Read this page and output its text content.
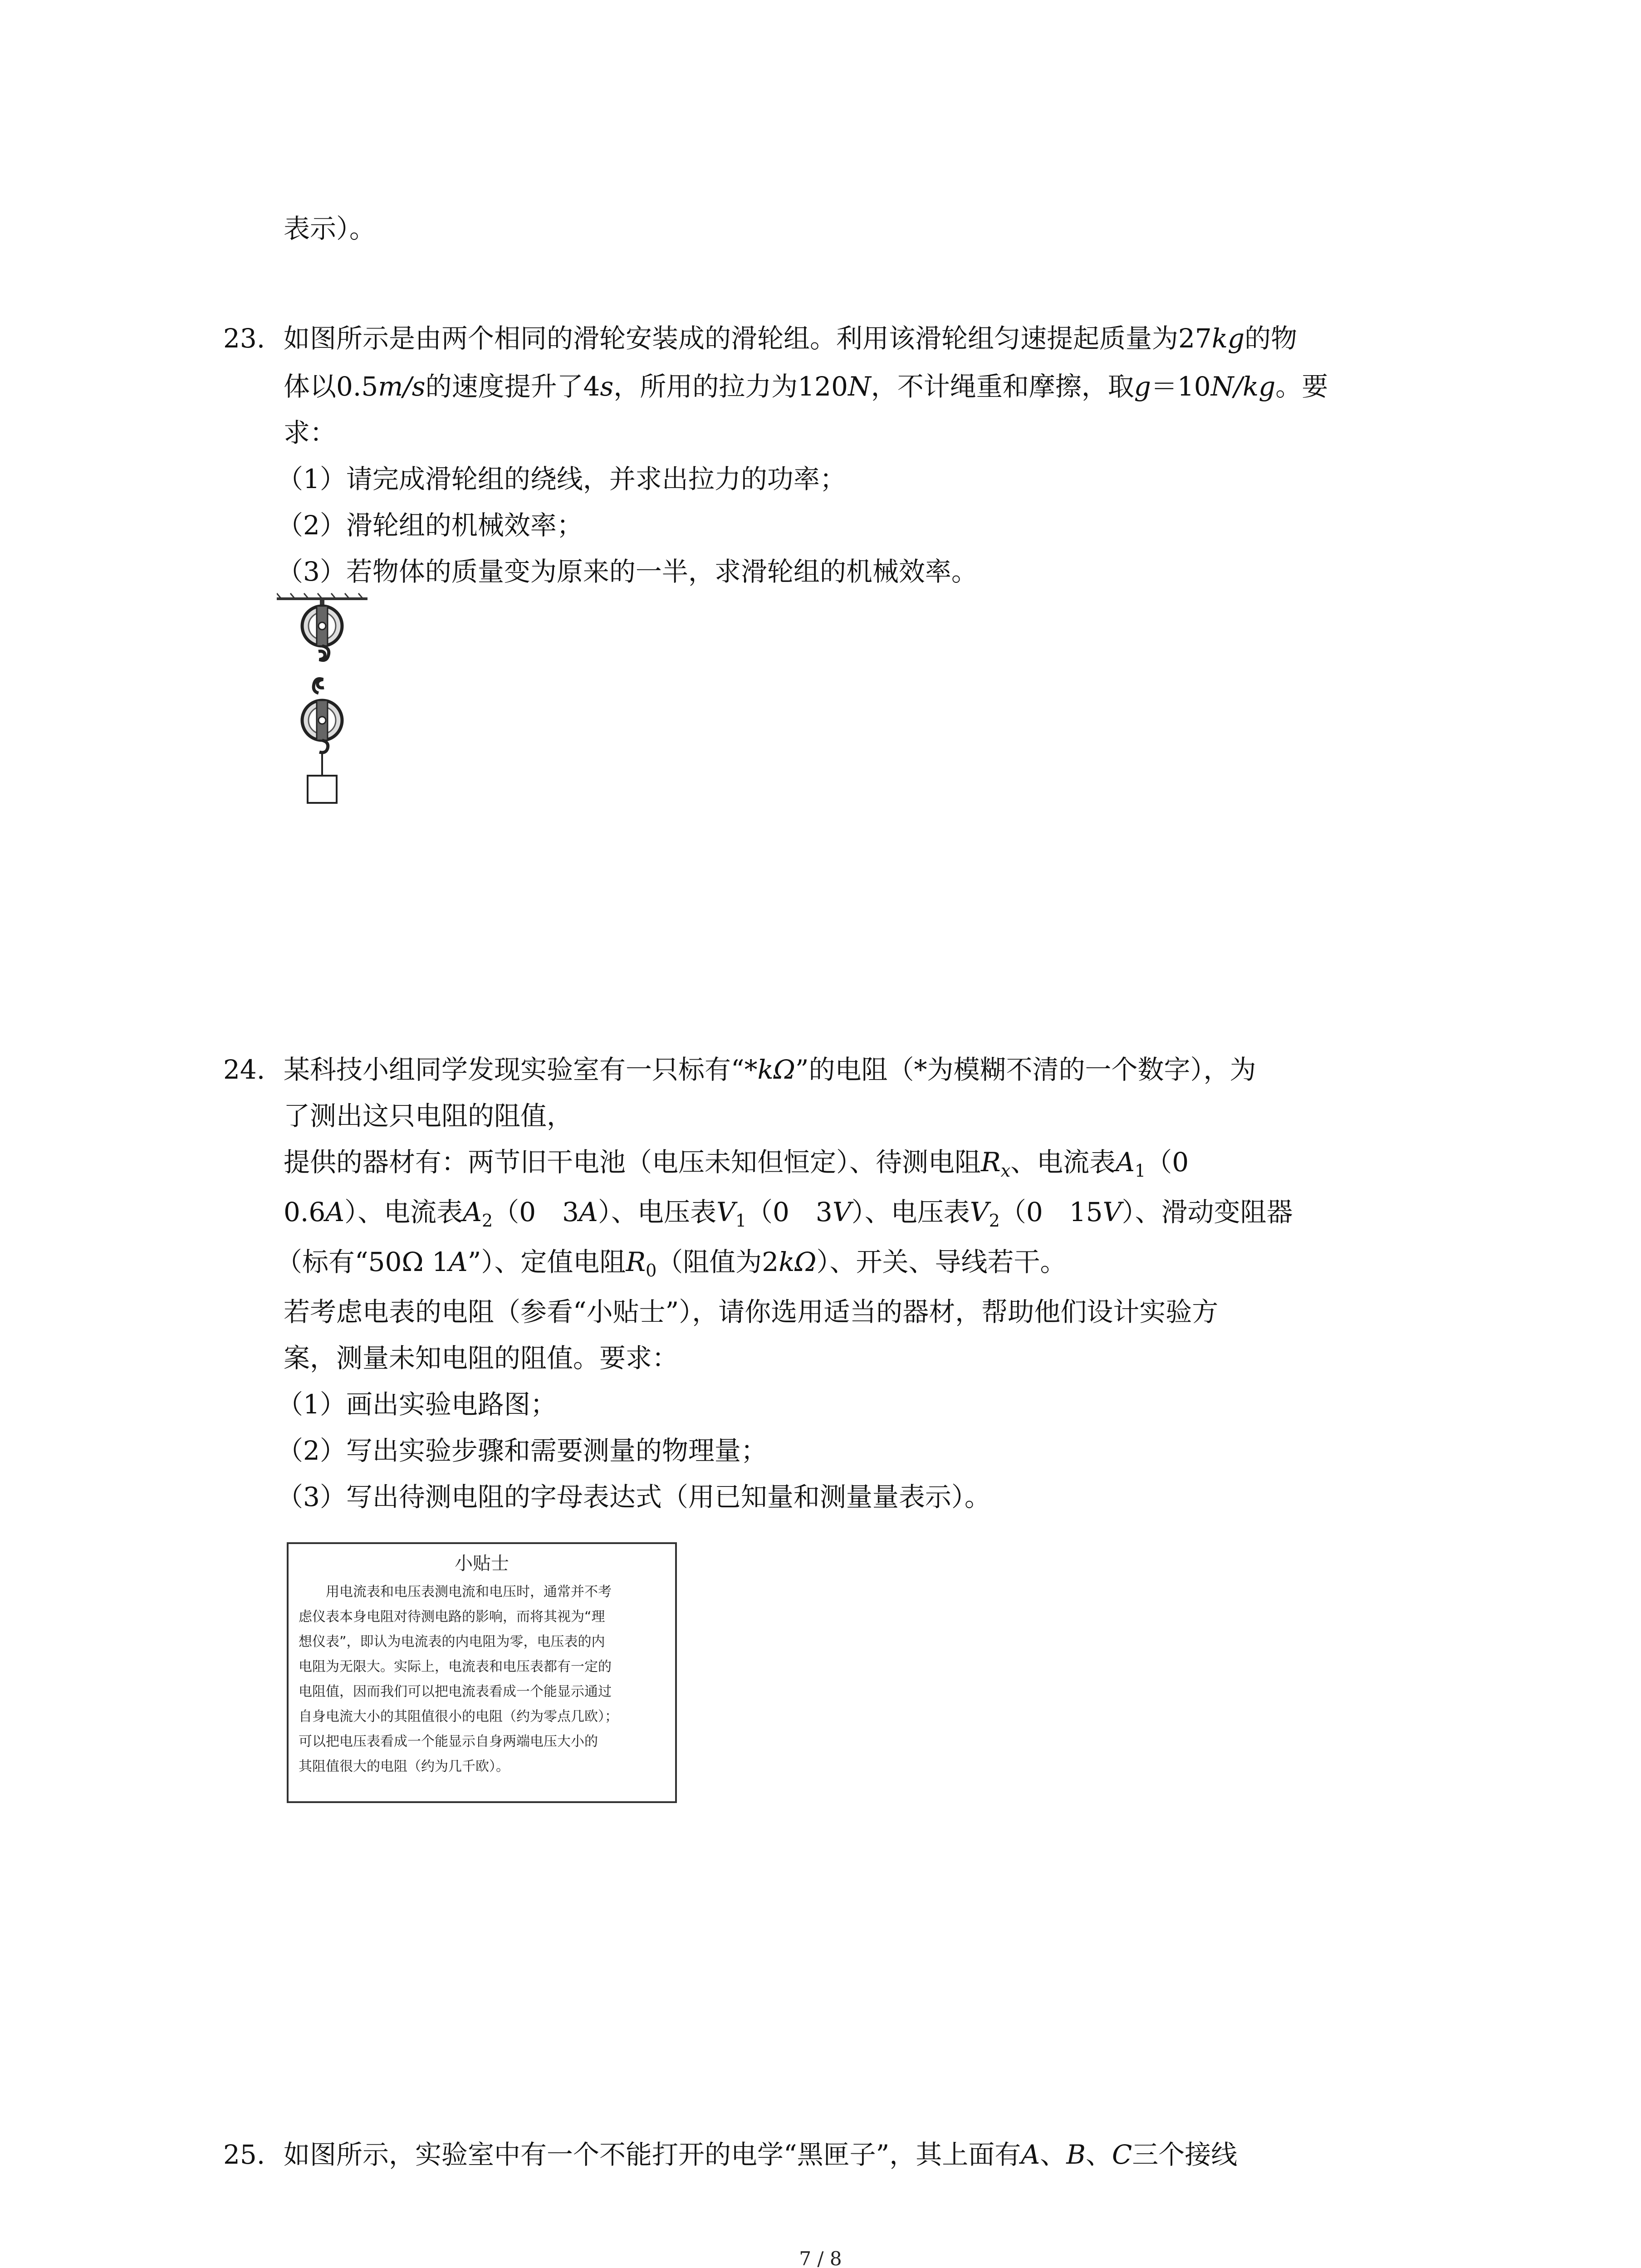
表示）。
23. 如图所示是由两个相同的滑轮安装成的滑轮组。利用该滑轮组匀速提起质量为27kg的物
体以0.5m/s的速度提升了4s，所用的拉力为120N，不计绳重和摩擦，取g＝10N/kg。要
求：
（1）请完成滑轮组的绕线，并求出拉力的功率；
（2）滑轮组的机械效率；
（3）若物体的质量变为原来的一半，求滑轮组的机械效率。
24. 某科技小组同学发现实验室有一只标有“*kΩ”的电阻（*为模糊不清的一个数字），为
了测出这只电阻的阻值，
提供的器材有：两节旧干电池（电压未知但恒定）、待测电阻$R_x$、电流表$A_1(0$
0.6A）、电流表$A_2(0$　3A）、电压表$V_1(0$　3V）、电压表$V_2(0$　15V）、滑动变阻器
（标有“50Ω 1A”）、定值电阻$R_0$（阻值为2kΩ）、开关、导线若干。
若考虑电表的电阻（参看“小贴士”），请你选用适当的器材，帮助他们设计实验方
案，测量未知电阻的阻值。要求：
（1）画出实验电路图；
（2）写出实验步骤和需要测量的物理量；
（3）写出待测电阻的字母表达式（用已知量和测量量表示）。
小贴士
　　用电流表和电压表测电流和电压时，通常并不考
虑仪表本身电阻对待测电路的影响，而将其视为“理
想仪表”，即认为电流表的内电阻为零，电压表的内
电阻为无限大。实际上，电流表和电压表都有一定的
电阻值，因而我们可以把电流表看成一个能显示通过
自身电流大小的其阻值很小的电阻（约为零点几欧）；
可以把电压表看成一个能显示自身两端电压大小的
其阻值很大的电阻（约为几千欧）。
25. 如图所示，实验室中有一个不能打开的电学“黑匣子”，其上面有A、B、C三个接线
7 / 8
